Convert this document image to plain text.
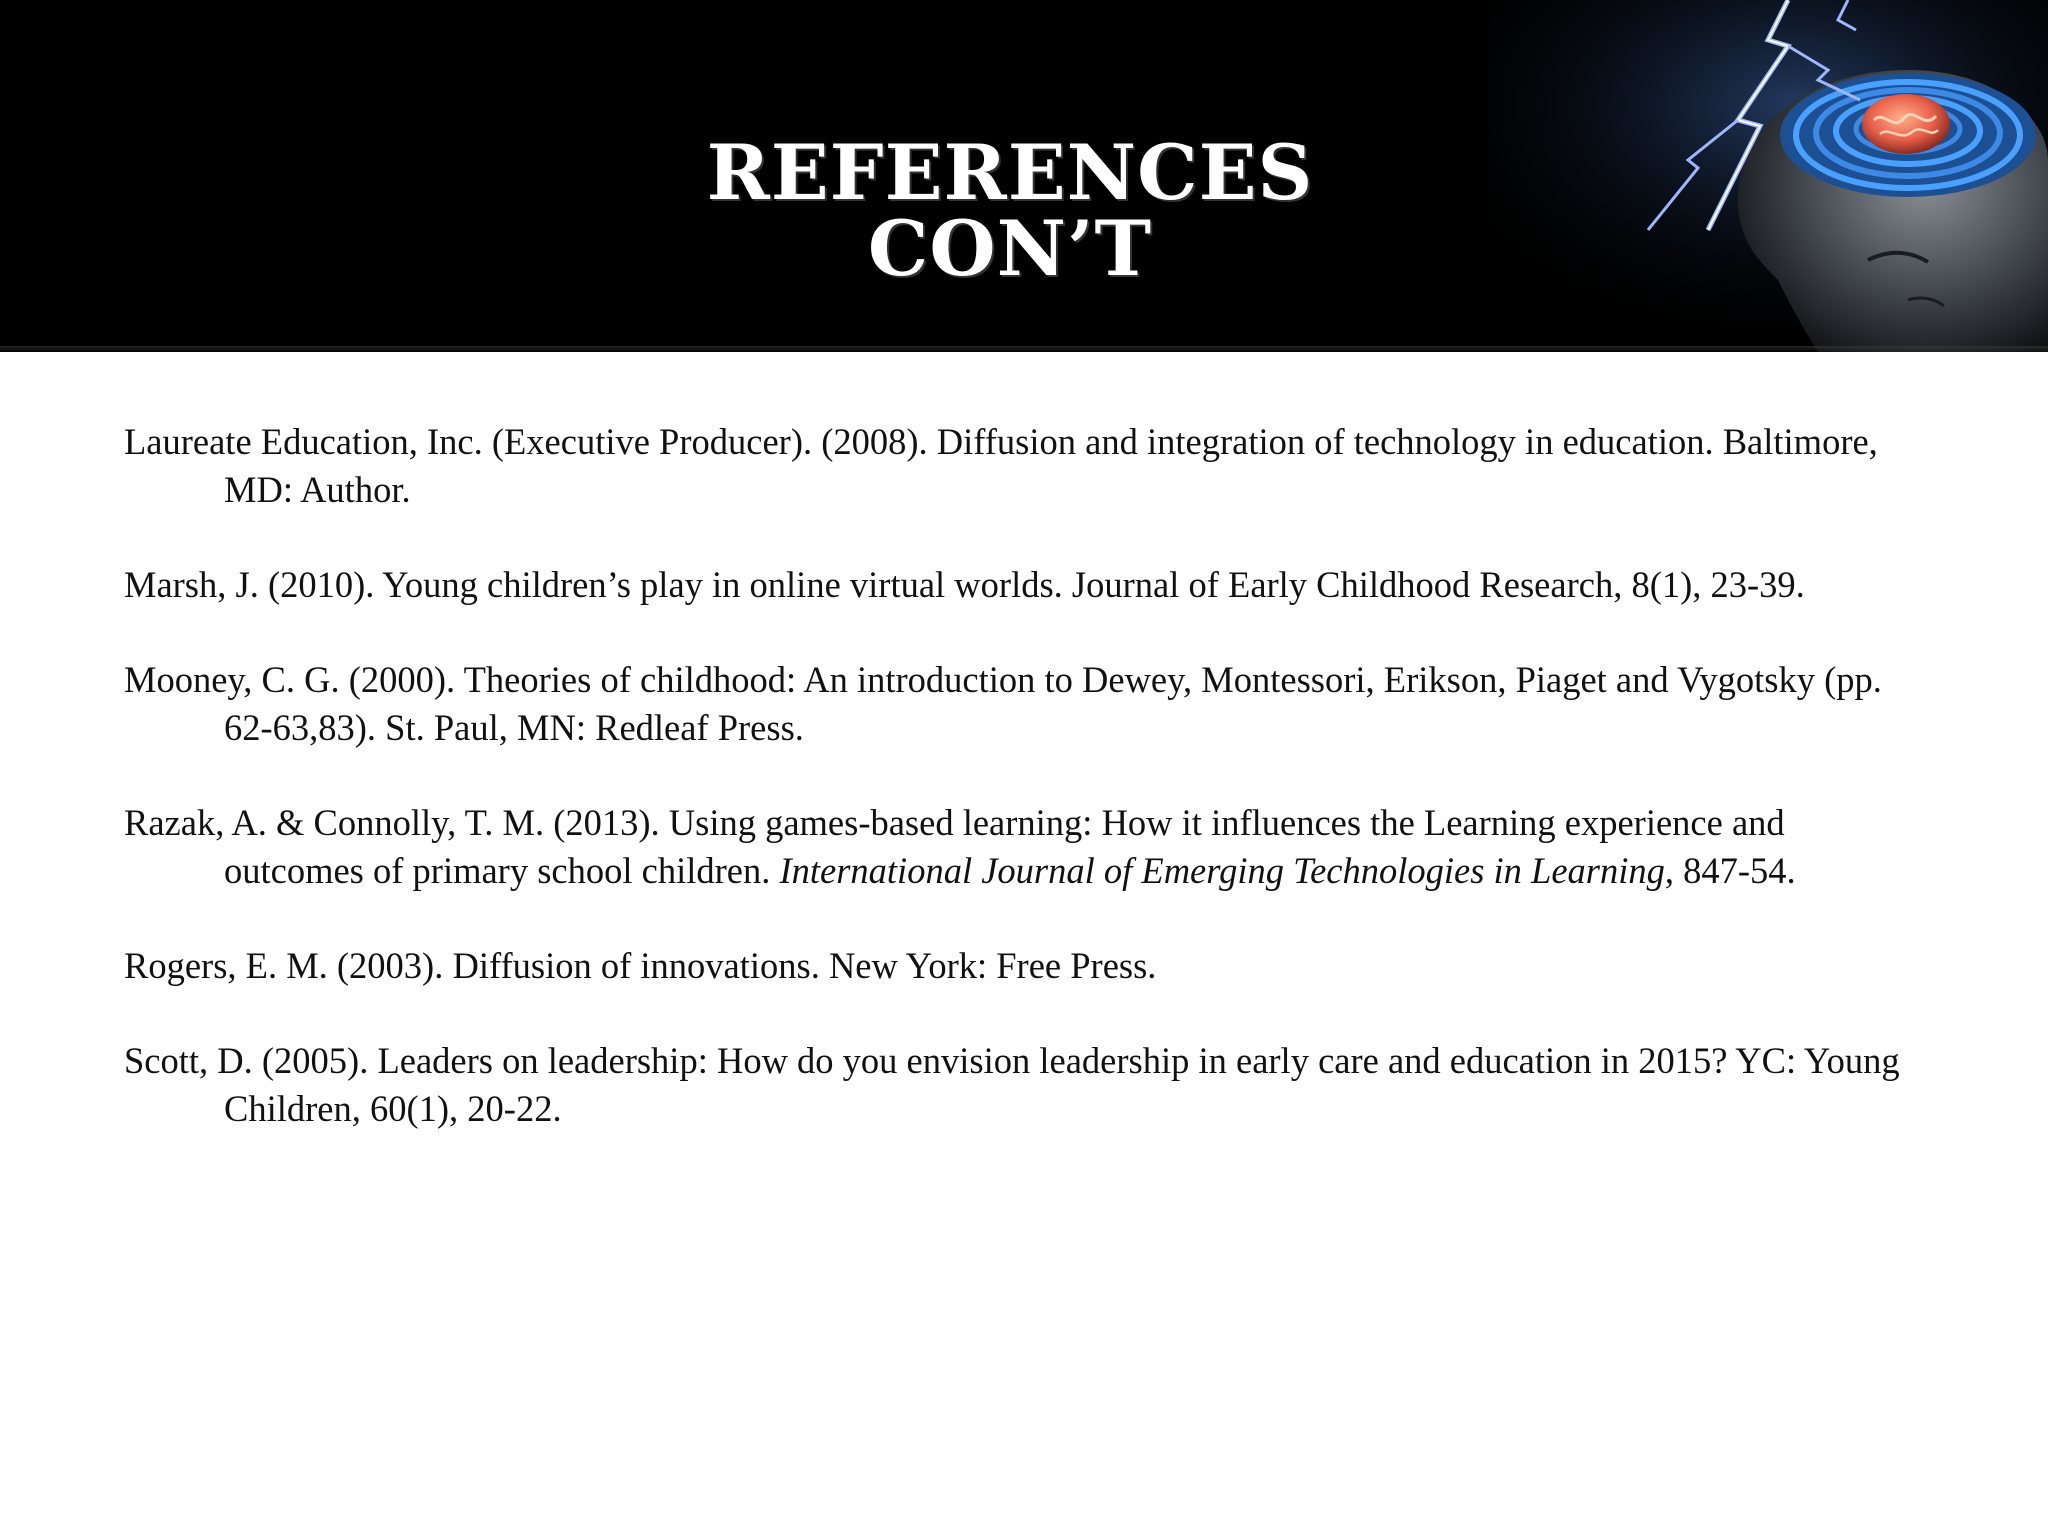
REFERENCES CON’T

Laureate Education, Inc. (Executive Producer). (2008). Diffusion and integration of technology in education. Baltimore, MD: Author.

Marsh, J. (2010). Young children’s play in online virtual worlds. Journal of Early Childhood Research, 8(1), 23-39.

Mooney, C. G. (2000). Theories of childhood: An introduction to Dewey, Montessori, Erikson, Piaget and Vygotsky (pp. 62-63,83). St. Paul, MN: Redleaf Press.

Razak, A. & Connolly, T. M. (2013). Using games-based learning: How it influences the Learning experience and outcomes of primary school children. International Journal of Emerging Technologies in Learning, 847-54.

Rogers, E. M. (2003). Diffusion of innovations. New York: Free Press.

Scott, D. (2005). Leaders on leadership: How do you envision leadership in early care and education in 2015? YC: Young Children, 60(1), 20-22.
